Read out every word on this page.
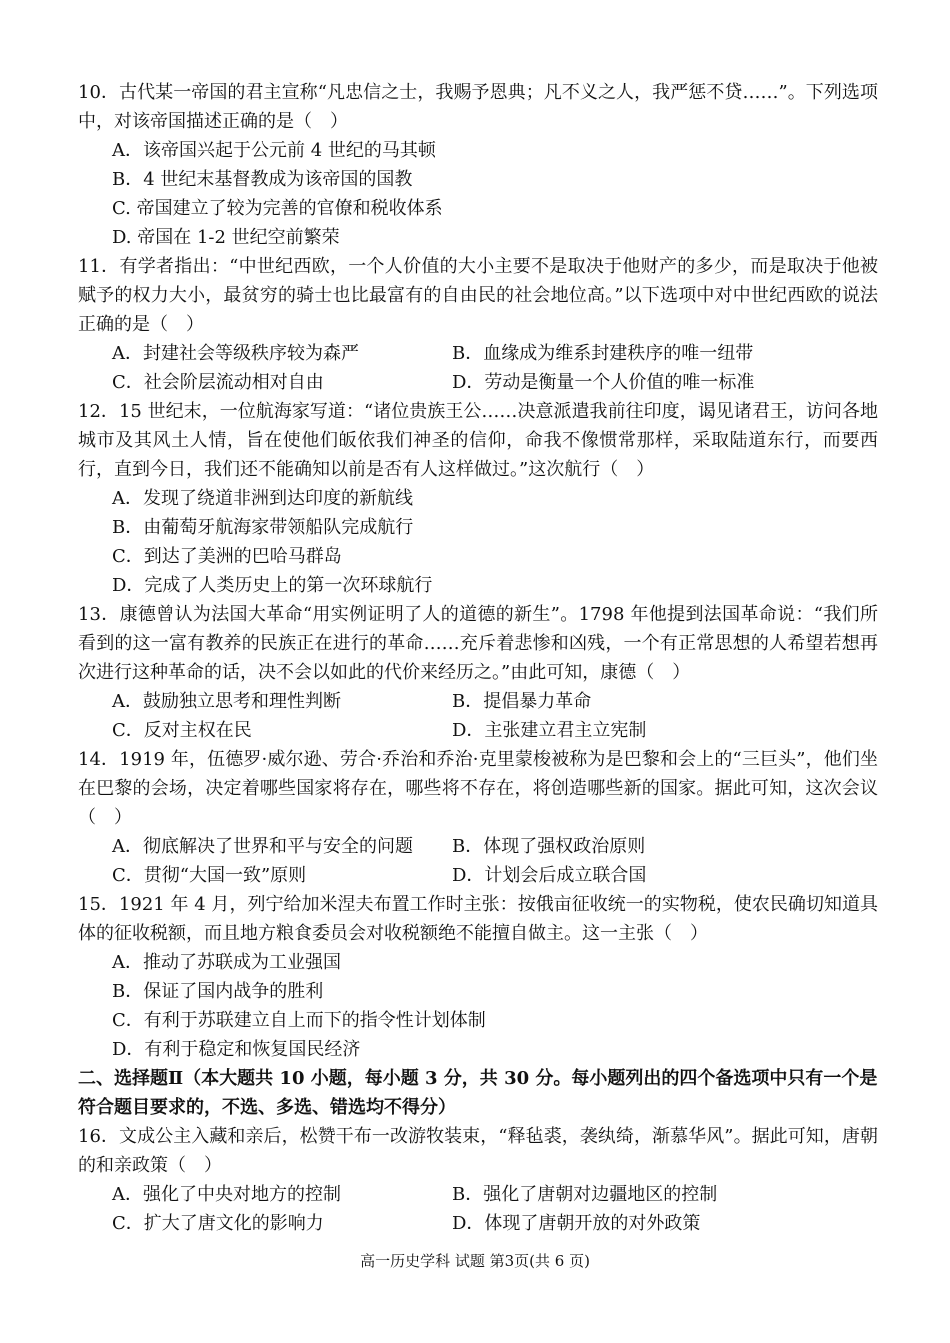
10．古代某一帝国的君主宣称“凡忠信之士，我赐予恩典；凡不义之人，我严惩不贷……”。下列选项中，对该帝国描述正确的是（　）

A．该帝国兴起于公元前 4 世纪的马其顿
B．4 世纪末基督教成为该帝国的国教
C. 帝国建立了较为完善的官僚和税收体系
D. 帝国在 1-2 世纪空前繁荣

11．有学者指出：“中世纪西欧，一个人价值的大小主要不是取决于他财产的多少，而是取决于他被赋予的权力大小，最贫穷的骑士也比最富有的自由民的社会地位高。”以下选项中对中世纪西欧的说法正确的是（　）

A．封建社会等级秩序较为森严	B．血缘成为维系封建秩序的唯一纽带
C．社会阶层流动相对自由	D．劳动是衡量一个人价值的唯一标准

12．15 世纪末，一位航海家写道：“诸位贵族王公……决意派遣我前往印度，谒见诸君王，访问各地城市及其风土人情，旨在使他们皈依我们神圣的信仰，命我不像惯常那样，采取陆道东行，而要西行，直到今日，我们还不能确知以前是否有人这样做过。”这次航行（　）

A．发现了绕道非洲到达印度的新航线
B．由葡萄牙航海家带领船队完成航行
C．到达了美洲的巴哈马群岛
D．完成了人类历史上的第一次环球航行

13．康德曾认为法国大革命“用实例证明了人的道德的新生”。1798 年他提到法国革命说：“我们所看到的这一富有教养的民族正在进行的革命……充斥着悲惨和凶残，一个有正常思想的人希望若想再次进行这种革命的话，决不会以如此的代价来经历之。”由此可知，康德（　）

A．鼓励独立思考和理性判断	B．提倡暴力革命
C．反对主权在民	D．主张建立君主立宪制

14．1919 年，伍德罗·威尔逊、劳合·乔治和乔治·克里蒙梭被称为是巴黎和会上的“三巨头”，他们坐在巴黎的会场，决定着哪些国家将存在，哪些将不存在，将创造哪些新的国家。据此可知，这次会议（　）

A．彻底解决了世界和平与安全的问题	B．体现了强权政治原则
C．贯彻“大国一致”原则	D．计划会后成立联合国

15．1921 年 4 月，列宁给加米涅夫布置工作时主张：按俄亩征收统一的实物税，使农民确切知道具体的征收税额，而且地方粮食委员会对收税额绝不能擅自做主。这一主张（　）

A．推动了苏联成为工业强国
B．保证了国内战争的胜利
C．有利于苏联建立自上而下的指令性计划体制
D．有利于稳定和恢复国民经济

二、选择题Ⅱ（本大题共 10 小题，每小题 3 分，共 30 分。每小题列出的四个备选项中只有一个是符合题目要求的，不选、多选、错选均不得分）

16．文成公主入藏和亲后，松赞干布一改游牧装束，“释毡裘，袭纨绮，渐慕华风”。据此可知，唐朝的和亲政策（　）

A．强化了中央对地方的控制	B．强化了唐朝对边疆地区的控制
C．扩大了唐文化的影响力	D．体现了唐朝开放的对外政策
高一历史学科 试题 第3页(共 6 页)
